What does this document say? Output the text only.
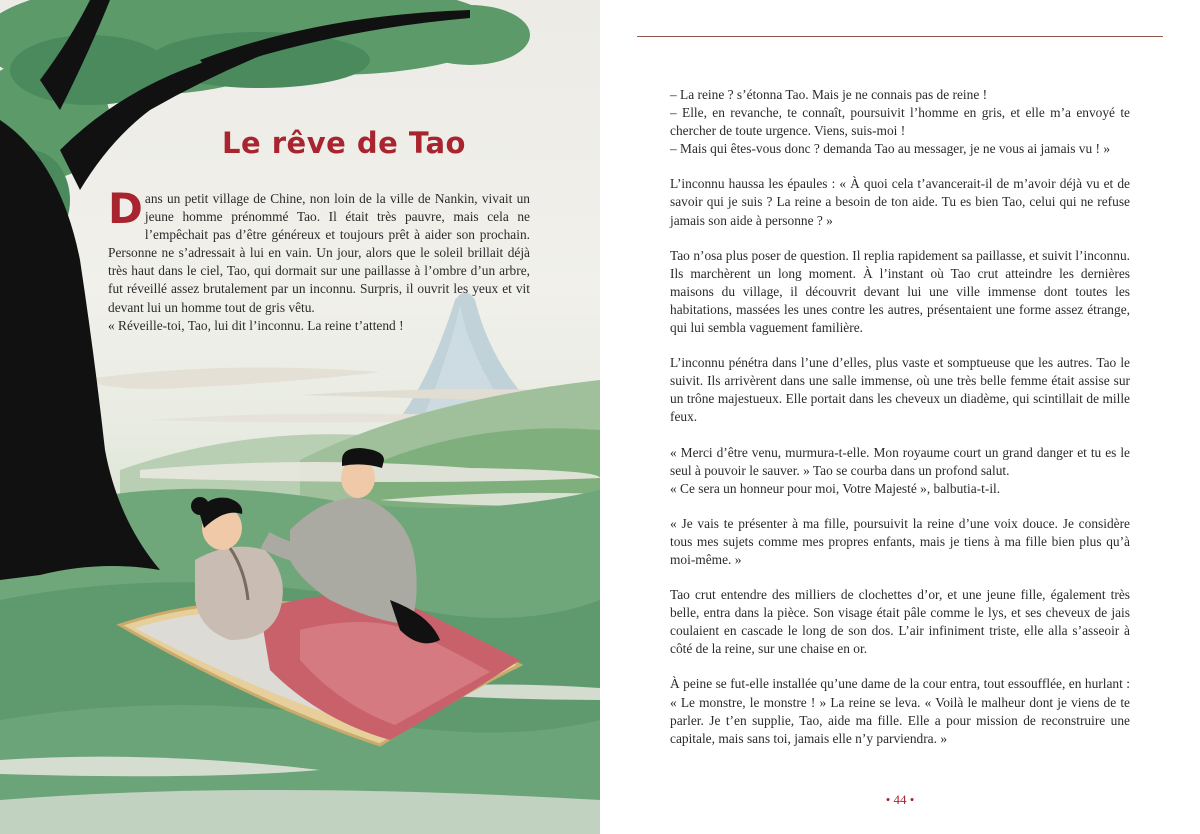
Le rêve de Tao

Dans un petit village de Chine, non loin de la ville de Nankin, vivait un jeune homme prénommé Tao. Il était très pauvre, mais cela ne l’empêchait pas d’être généreux et toujours prêt à aider son prochain. Personne ne s’adressait à lui en vain. Un jour, alors que le soleil brillait déjà très haut dans le ciel, Tao, qui dormait sur une paillasse à l’ombre d’un arbre, fut réveillé assez brutalement par un inconnu. Surpris, il ouvrit les yeux et vit devant lui un homme tout de gris vêtu.

« Réveille-toi, Tao, lui dit l’inconnu. La reine t’attend !

– La reine ? s’étonna Tao. Mais je ne connais pas de reine !

– Elle, en revanche, te connaît, poursuivit l’homme en gris, et elle m’a envoyé te chercher de toute urgence. Viens, suis-moi !

– Mais qui êtes-vous donc ? demanda Tao au messager, je ne vous ai jamais vu ! »

L’inconnu haussa les épaules : « À quoi cela t’avancerait-il de m’avoir déjà vu et de savoir qui je suis ? La reine a besoin de ton aide. Tu es bien Tao, celui qui ne refuse jamais son aide à personne ? »

Tao n’osa plus poser de question. Il replia rapidement sa paillasse, et suivit l’inconnu. Ils marchèrent un long moment. À l’instant où Tao crut atteindre les dernières maisons du village, il découvrit devant lui une ville immense dont toutes les habitations, massées les unes contre les autres, présentaient une forme assez étrange, qui lui sembla vaguement familière.

L’inconnu pénétra dans l’une d’elles, plus vaste et somptueuse que les autres. Tao le suivit. Ils arrivèrent dans une salle immense, où une très belle femme était assise sur un trône majestueux. Elle portait dans les cheveux un diadème, qui scintillait de mille feux.

« Merci d’être venu, murmura-t-elle. Mon royaume court un grand danger et tu es le seul à pouvoir le sauver. » Tao se courba dans un profond salut.

« Ce sera un honneur pour moi, Votre Majesté », balbutia-t-il.

« Je vais te présenter à ma fille, poursuivit la reine d’une voix douce. Je considère tous mes sujets comme mes propres enfants, mais je tiens à ma fille bien plus qu’à moi-même. »

Tao crut entendre des milliers de clochettes d’or, et une jeune fille, également très belle, entra dans la pièce. Son visage était pâle comme le lys, et ses cheveux de jais coulaient en cascade le long de son dos. L’air infiniment triste, elle alla s’asseoir à côté de la reine, sur une chaise en or.

À peine se fut-elle installée qu’une dame de la cour entra, tout essoufflée, en hurlant : « Le monstre, le monstre ! » La reine se leva. « Voilà le malheur dont je viens de te parler. Je t’en supplie, Tao, aide ma fille. Elle a pour mission de reconstruire une capitale, mais sans toi, jamais elle n’y parviendra. »

• 44 •
